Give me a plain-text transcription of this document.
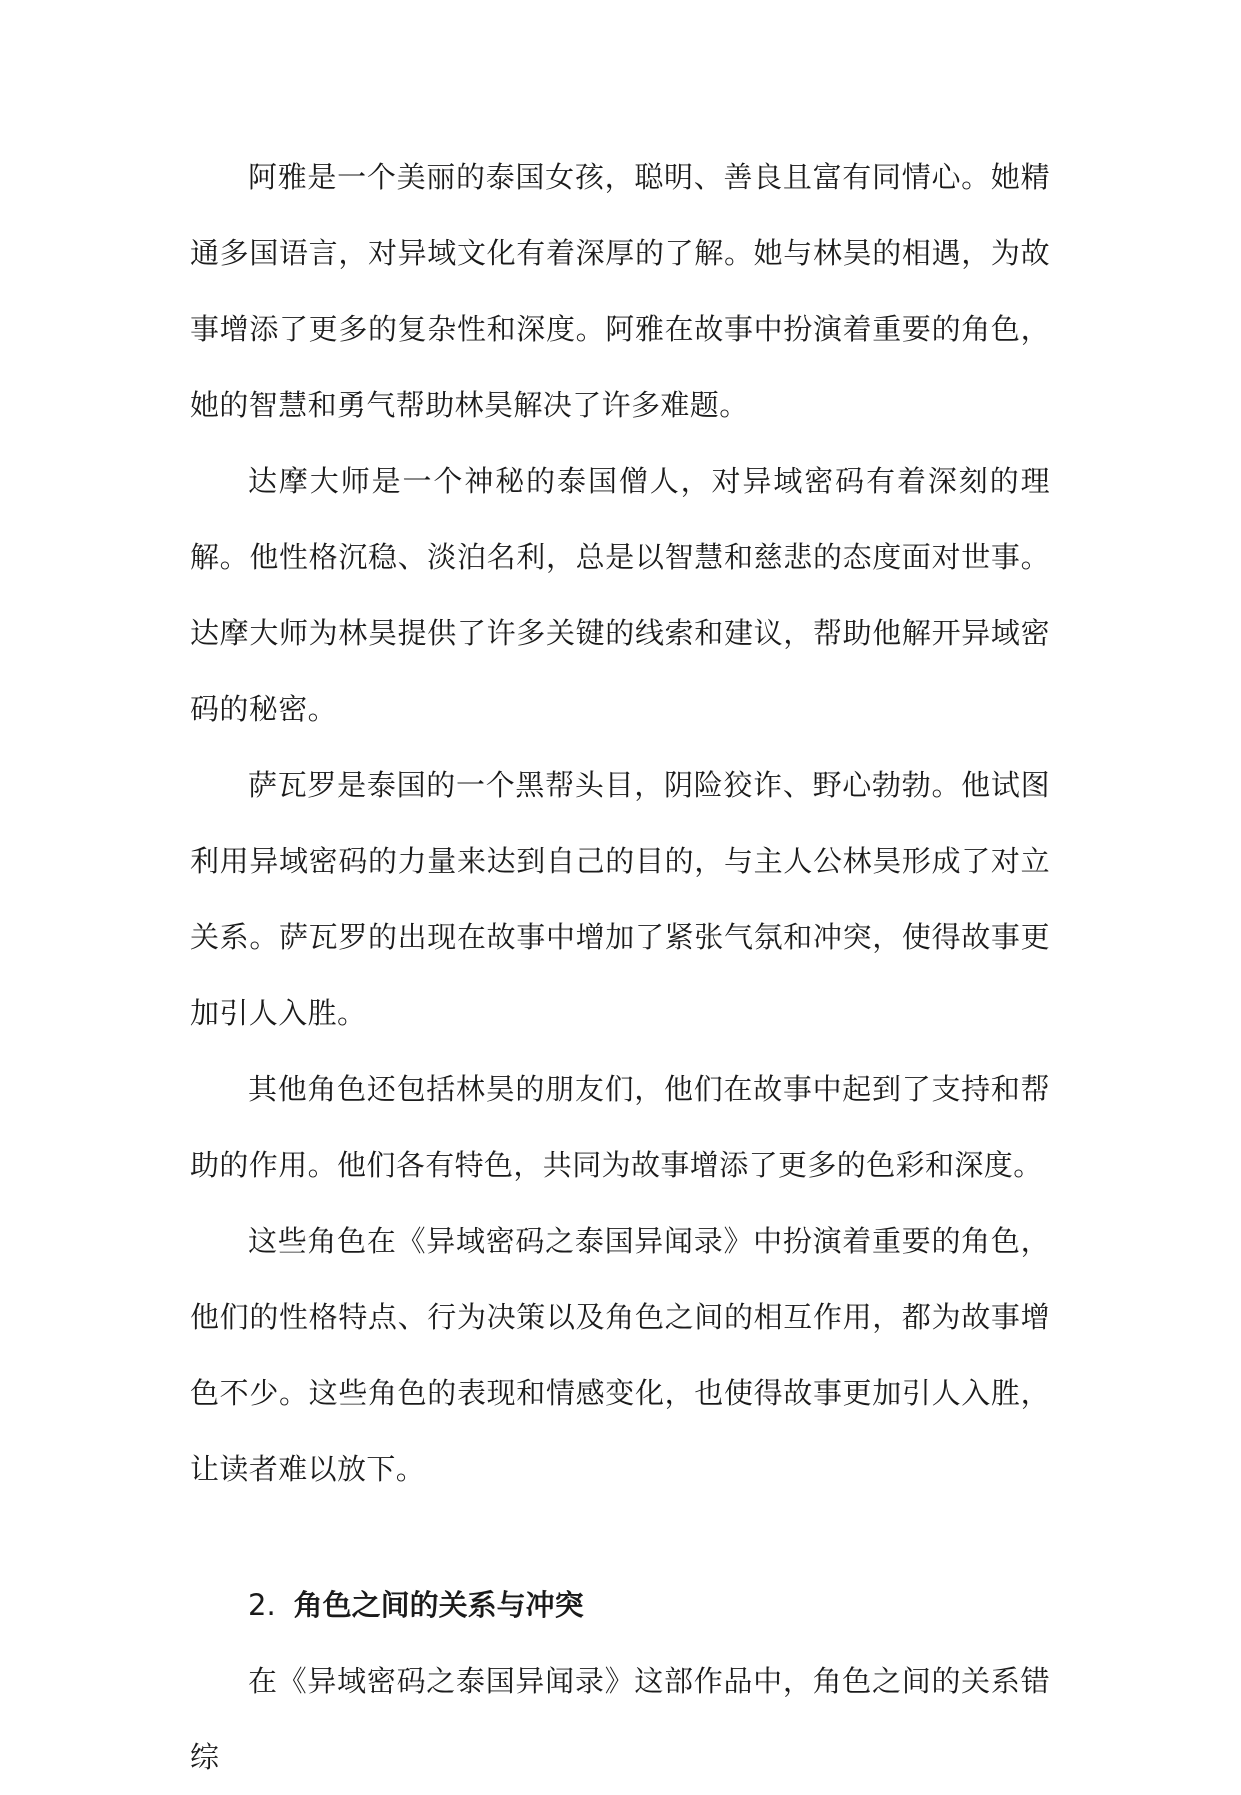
阿雅是一个美丽的泰国女孩，聪明、善良且富有同情心。她精通多国语言，对异域文化有着深厚的了解。她与林昊的相遇，为故事增添了更多的复杂性和深度。阿雅在故事中扮演着重要的角色，她的智慧和勇气帮助林昊解决了许多难题。

达摩大师是一个神秘的泰国僧人，对异域密码有着深刻的理解。他性格沉稳、淡泊名利，总是以智慧和慈悲的态度面对世事。达摩大师为林昊提供了许多关键的线索和建议，帮助他解开异域密码的秘密。

萨瓦罗是泰国的一个黑帮头目，阴险狡诈、野心勃勃。他试图利用异域密码的力量来达到自己的目的，与主人公林昊形成了对立关系。萨瓦罗的出现在故事中增加了紧张气氛和冲突，使得故事更加引人入胜。

其他角色还包括林昊的朋友们，他们在故事中起到了支持和帮助的作用。他们各有特色，共同为故事增添了更多的色彩和深度。

这些角色在《异域密码之泰国异闻录》中扮演着重要的角色，他们的性格特点、行为决策以及角色之间的相互作用，都为故事增色不少。这些角色的表现和情感变化，也使得故事更加引人入胜，让读者难以放下。

2. 角色之间的关系与冲突

在《异域密码之泰国异闻录》这部作品中，角色之间的关系错综
